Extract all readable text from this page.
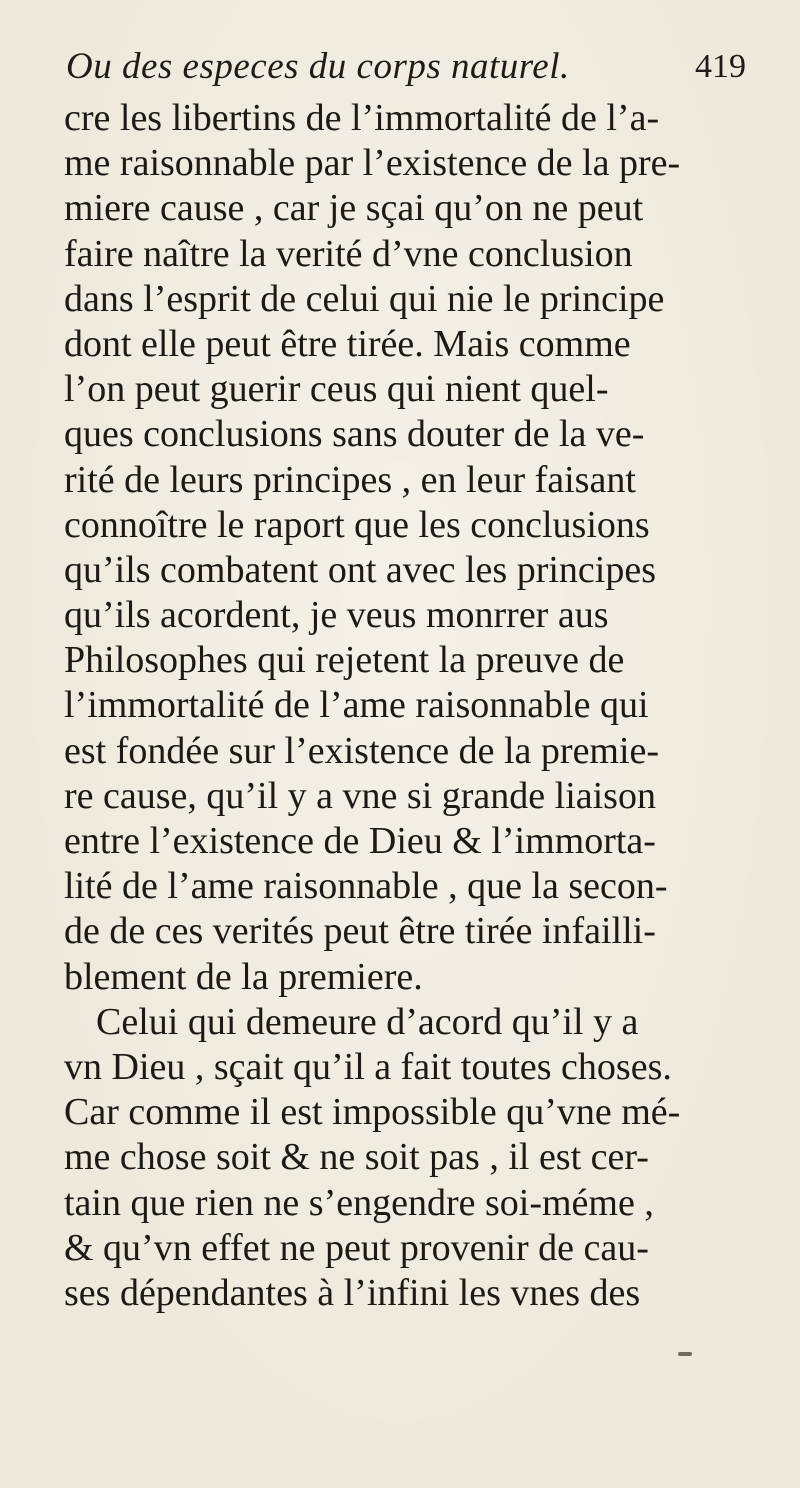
Ou des especes du corps naturel.	419
cre les libertins de l’immortalité de l’a-
me raisonnable par l’existence de la pre-
miere cause , car je sçai qu’on ne peut
faire naître la verité d’vne conclusion
dans l’esprit de celui qui nie le principe
dont elle peut être tirée. Mais comme
l’on peut guerir ceus qui nient quel-
ques conclusions sans douter de la ve-
rité de leurs principes , en leur faisant
connoître le raport que les conclusions
qu’ils combatent ont avec les principes
qu’ils acordent, je veus monrrer aus
Philosophes qui rejetent la preuve de
l’immortalité de l’ame raisonnable qui
est fondée sur l’existence de la premie-
re cause, qu’il y a vne si grande liaison
entre l’existence de Dieu & l’immorta-
lité de l’ame raisonnable , que la secon-
de de ces verités peut être tirée infailli-
blement de la premiere.
Celui qui demeure d’acord qu’il y a
vn Dieu , sçait qu’il a fait toutes choses.
Car comme il est impossible qu’vne mé-
me chose soit & ne soit pas , il est cer-
tain que rien ne s’engendre soi-méme ,
& qu’vn effet ne peut provenir de cau-
ses dépendantes à l’infini les vnes des
